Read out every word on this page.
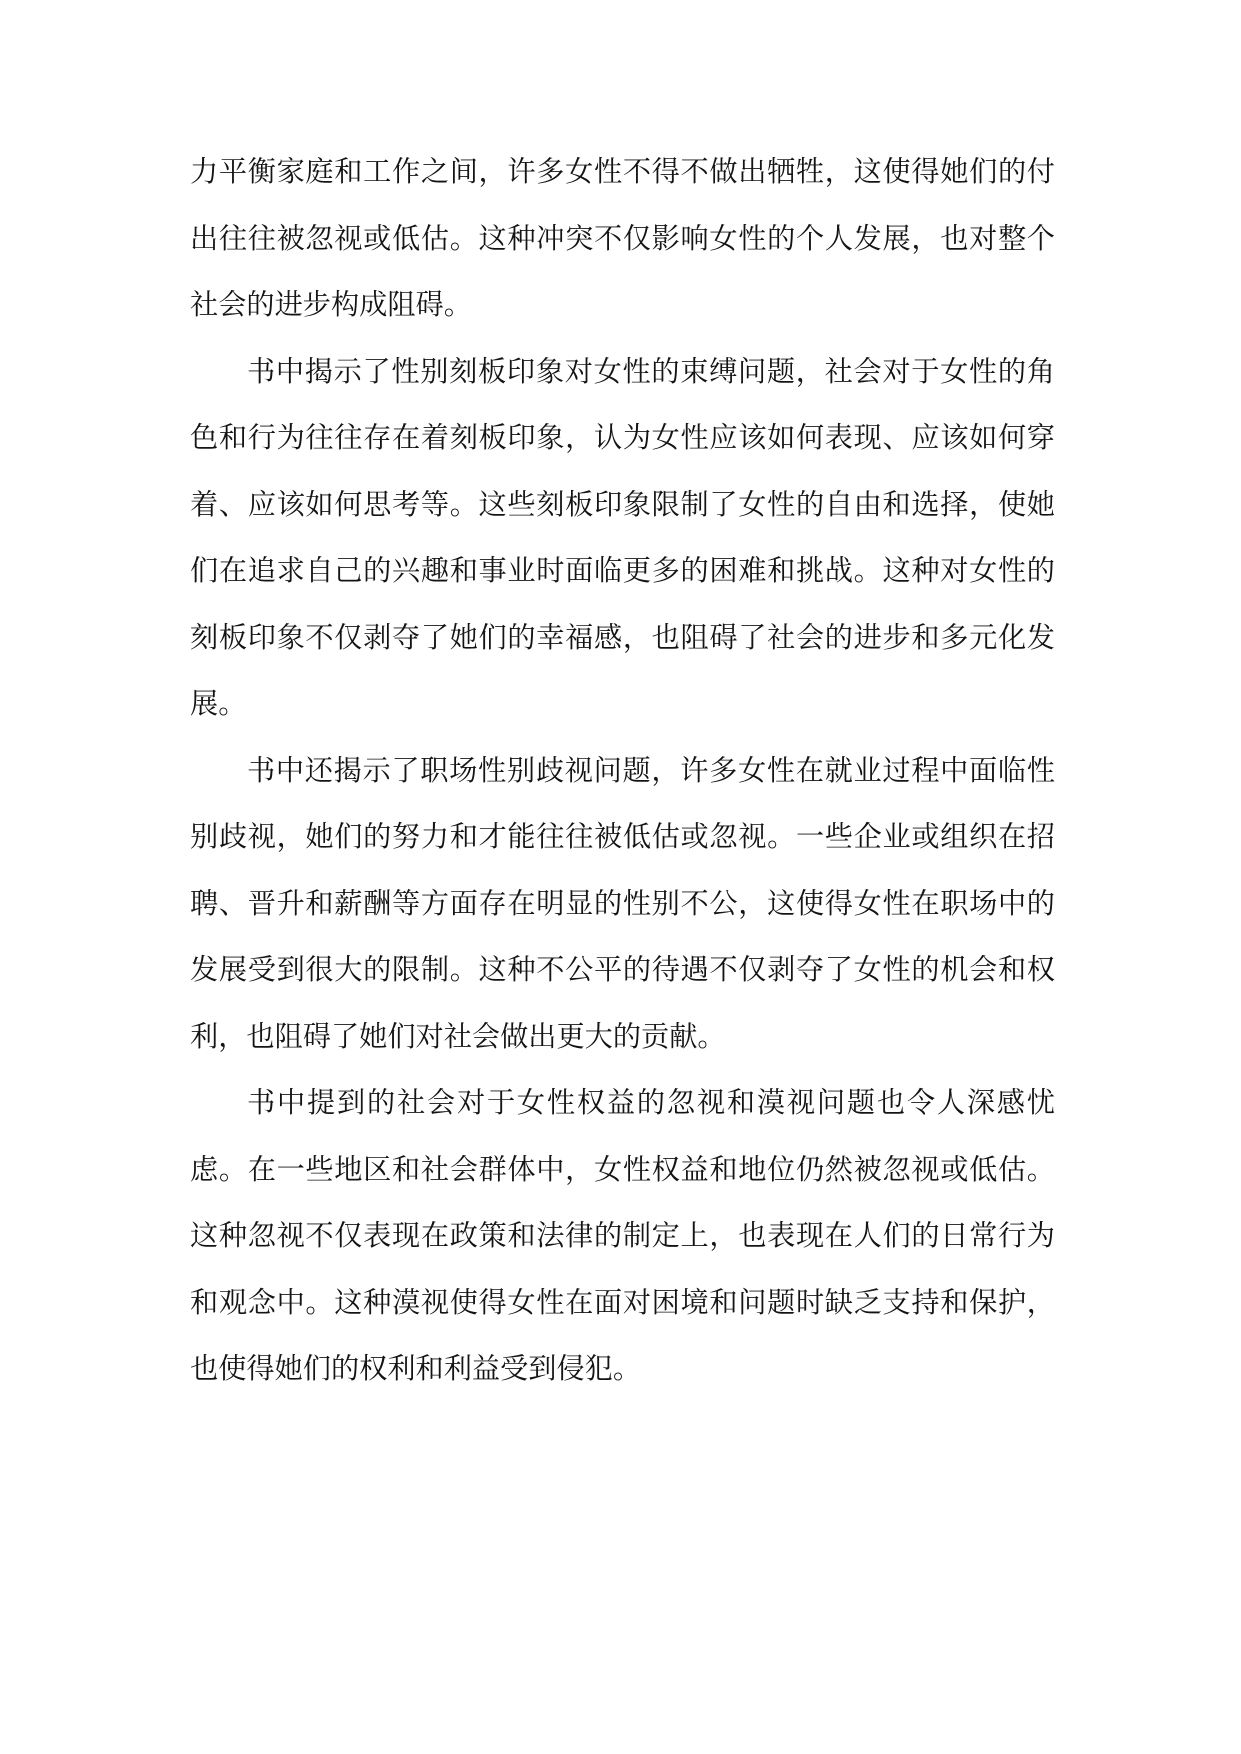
力平衡家庭和工作之间，许多女性不得不做出牺牲，这使得她们的付
出往往被忽视或低估。这种冲突不仅影响女性的个人发展，也对整个
社会的进步构成阻碍。
书中揭示了性别刻板印象对女性的束缚问题，社会对于女性的角
色和行为往往存在着刻板印象，认为女性应该如何表现、应该如何穿
着、应该如何思考等。这些刻板印象限制了女性的自由和选择，使她
们在追求自己的兴趣和事业时面临更多的困难和挑战。这种对女性的
刻板印象不仅剥夺了她们的幸福感，也阻碍了社会的进步和多元化发
展。
书中还揭示了职场性别歧视问题，许多女性在就业过程中面临性
别歧视，她们的努力和才能往往被低估或忽视。一些企业或组织在招
聘、晋升和薪酬等方面存在明显的性别不公，这使得女性在职场中的
发展受到很大的限制。这种不公平的待遇不仅剥夺了女性的机会和权
利，也阻碍了她们对社会做出更大的贡献。
书中提到的社会对于女性权益的忽视和漠视问题也令人深感忧
虑。在一些地区和社会群体中，女性权益和地位仍然被忽视或低估。
这种忽视不仅表现在政策和法律的制定上，也表现在人们的日常行为
和观念中。这种漠视使得女性在面对困境和问题时缺乏支持和保护，
也使得她们的权利和利益受到侵犯。
